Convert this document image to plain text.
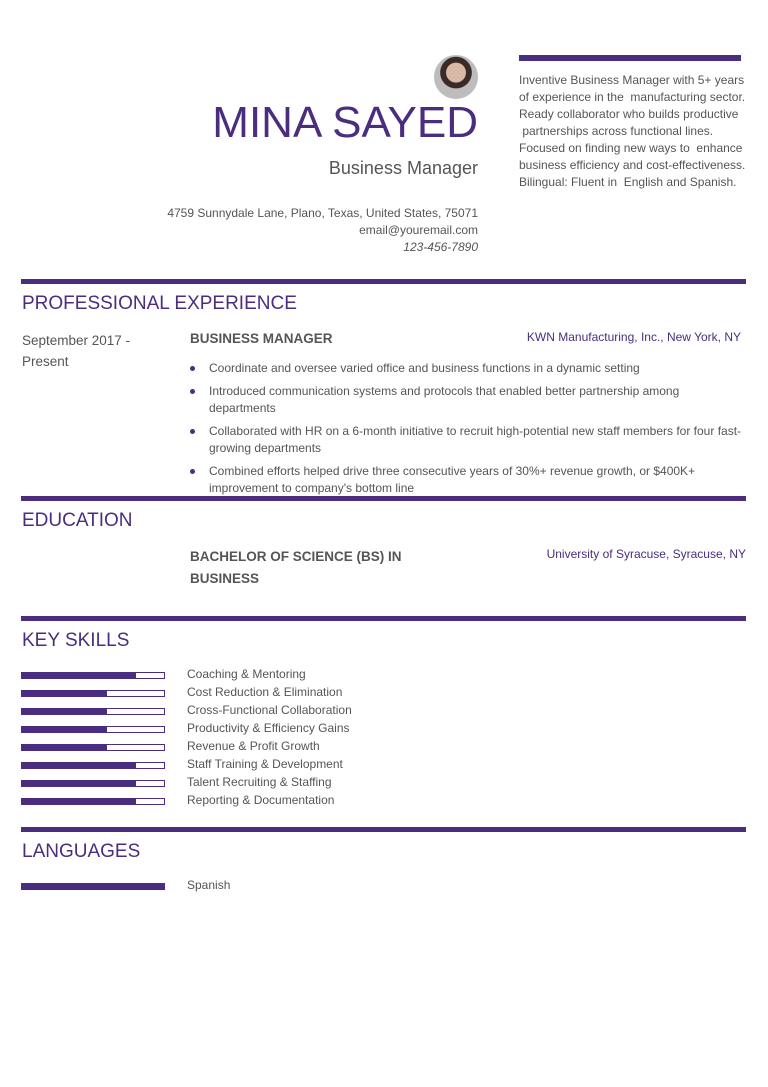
MINA SAYED
Business Manager
4759 Sunnydale Lane, Plano, Texas, United States, 75071
email@youremail.com
123-456-7890
Inventive Business Manager with 5+ years
of experience in the  manufacturing sector.
Ready collaborator who builds productive
partnerships across functional lines.
Focused on finding new ways to  enhance
business efficiency and cost-effectiveness.
Bilingual: Fluent in  English and Spanish.
PROFESSIONAL EXPERIENCE
September 2017 - Present
BUSINESS MANAGER	KWN Manufacturing, Inc., New York, NY
Coordinate and oversee varied office and business functions in a dynamic setting
Introduced communication systems and protocols that enabled better partnership among departments
Collaborated with HR on a 6-month initiative to recruit high-potential new staff members for four fast-growing departments
Combined efforts helped drive three consecutive years of 30%+ revenue growth, or $400K+ improvement to company's bottom line
EDUCATION
BACHELOR OF SCIENCE (BS) IN BUSINESS
University of Syracuse, Syracuse, NY
KEY SKILLS
Coaching & Mentoring
Cost Reduction & Elimination
Cross-Functional Collaboration
Productivity & Efficiency Gains
Revenue & Profit Growth
Staff Training & Development
Talent Recruiting & Staffing
Reporting & Documentation
LANGUAGES
Spanish
